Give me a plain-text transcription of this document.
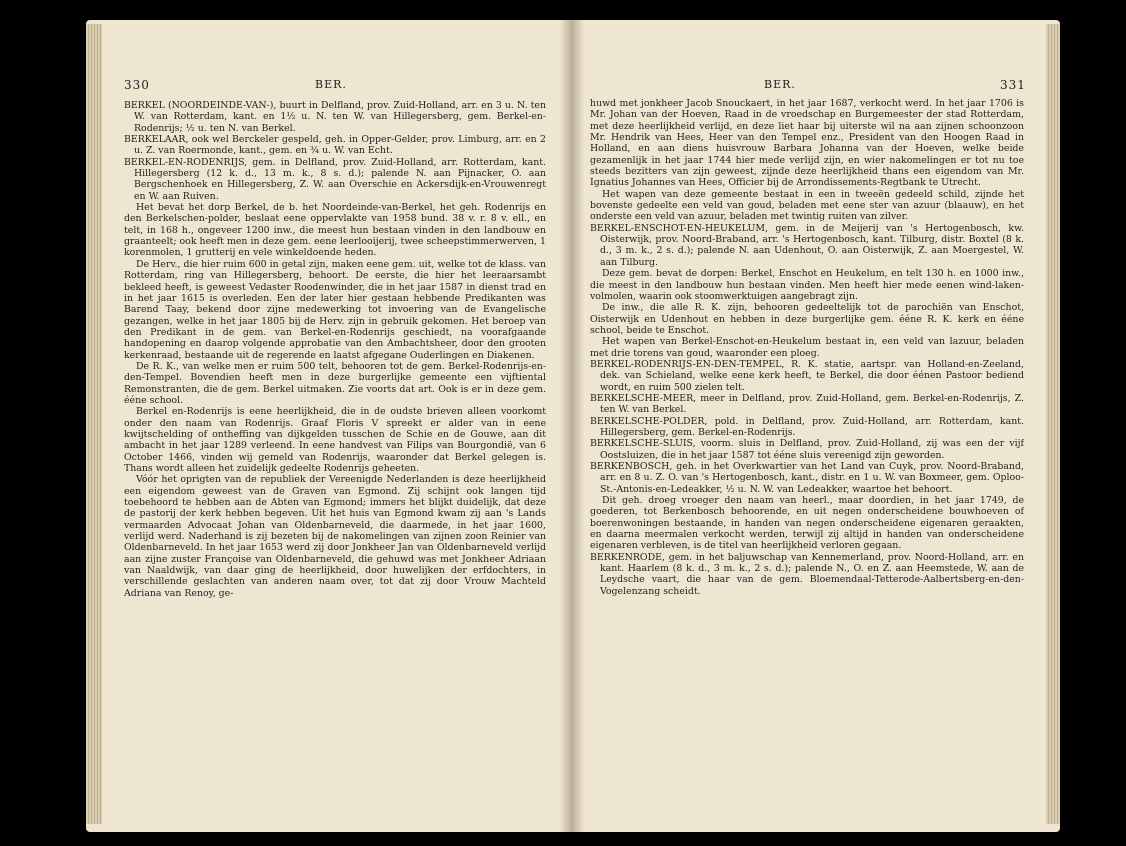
330	BER.	BER.	331

BERKEL (NOORDEINDE-VAN-), buurt in Delfland, prov. Zuid-Holland, arr. en 3 u. N. ten W. van Rotterdam, kant. en 1½ u. N. ten W. van Hillegersberg, gem. Berkel-en-Rodenrijs; ½ u. ten N. van Berkel.

BERKELAAR, ook wel Berckeler gespeld, geh. in Opper-Gelder, prov. Limburg, arr. en 2 u. Z. van Roermonde, kant., gem. en ¾ u. W. van Echt.

BERKEL-EN-RODENRIJS, gem. in Delfland, prov. Zuid-Holland, arr. Rotterdam, kant. Hillegersberg (12 k. d., 13 m. k., 8 s. d.); palende N. aan Pijnacker, O. aan Bergschenhoek en Hillegersberg, Z. W. aan Overschie en Ackersdijk-en-Vrouwenregt en W. aan Ruiven.

Het bevat het dorp Berkel, de b. het Noordeinde-van-Berkel, het geh. Rodenrijs en den Berkelschen-polder, beslaat eene oppervlakte van 1958 bund. 38 v. r. 8 v. ell., en telt, in 168 h., ongeveer 1200 inw., die meest hun bestaan vinden in den landbouw en graanteelt; ook heeft men in deze gem. eene leerlooijerij, twee scheepstimmerwerven, 1 korenmolen, 1 grutterij en vele winkeldoende heden.

De Herv., die hier ruim 600 in getal zijn, maken eene gem. uit, welke tot de klass. van Rotterdam, ring van Hillegersberg, behoort. De eerste, die hier het leeraarsambt bekleed heeft, is geweest Vedaster Roodenwinder, die in het jaar 1587 in dienst trad en in het jaar 1615 is overleden. Een der later hier gestaan hebbende Predikanten was Barend Taay, bekend door zijne medewerking tot invoering van de Evangelische gezangen, welke in het jaar 1805 bij de Herv. zijn in gebruik gekomen. Het beroep van den Predikant in de gem. van Berkel-en-Rodenrijs geschiedt, na voorafgaande handopening en daarop volgende approbatie van den Ambachtsheer, door den grooten kerkenraad, bestaande uit de regerende en laatst afgegane Ouderlingen en Diakenen.

De R. K., van welke men er ruim 500 telt, behooren tot de gem. Berkel-Rodenrijs-en-den-Tempel. Bovendien heeft men in deze burgerlijke gemeente een vijftiental Remonstranten, die de gem. Berkel uitmaken. Zie voorts dat art. Ook is er in deze gem. ééne school.

Berkel en-Rodenrijs is eene heerlijkheid, die in de oudste brieven alleen voorkomt onder den naam van Rodenrijs. Graaf Floris V spreekt er alder van in eene kwijtschelding of ontheffing van dijkgelden tusschen de Schie en de Gouwe, aan dit ambacht in het jaar 1289 verleend. In eene handvest van Filips van Bourgondië, van 6 October 1466, vinden wij gemeld van Rodenrijs, waaronder dat Berkel gelegen is. Thans wordt alleen het zuidelijk gedeelte Rodenrijs geheeten.

Vóór het oprigten van de republiek der Vereenigde Nederlanden is deze heerlijkheid een eigendom geweest van de Graven van Egmond. Zij schijnt ook langen tijd toebehoord te hebben aan de Abten van Egmond; immers het blijkt duidelijk, dat deze de pastorij der kerk hebben begeven. Uit het huis van Egmond kwam zij aan 's Lands vermaarden Advocaat Johan van Oldenbarneveld, die daarmede, in het jaar 1600, verlijd werd. Naderhand is zij bezeten bij de nakomelingen van zijnen zoon Reinier van Oldenbarneveld. In het jaar 1653 werd zij door Jonkheer Jan van Oldenbarneveld verlijd aan zijne zuster Françoise van Oldenbarneveld, die gehuwd was met Jonkheer Adriaan van Naaldwijk, van daar ging de heerlijkheid, door huwelijken der erfdochters, in verschillende geslachten van anderen naam over, tot dat zij door Vrouw Machteld Adriana van Renoy, ge-

huwd met jonkheer Jacob Snouckaert, in het jaar 1687, verkocht werd. In het jaar 1706 is Mr. Johan van der Hoeven, Raad in de vroedschap en Burgemeester der stad Rotterdam, met deze heerlijkheid verlijd, en deze liet haar bij uiterste wil na aan zijnen schoonzoon Mr. Hendrik van Hees, Heer van den Tempel enz., President van den Hoogen Raad in Holland, en aan diens huisvrouw Barbara Johanna van der Hoeven, welke beide gezamenlijk in het jaar 1744 hier mede verlijd zijn, en wier nakomelingen er tot nu toe steeds bezitters van zijn geweest, zijnde deze heerlijkheid thans een eigendom van Mr. Ignatius Johannes van Hees, Officier bij de Arrondissements-Regtbank te Utrecht.

Het wapen van deze gemeente bestaat in een in tweeën gedeeld schild, zijnde het bovenste gedeelte een veld van goud, beladen met eene ster van azuur (blaauw), en het onderste een veld van azuur, beladen met twintig ruiten van zilver.

BERKEL-ENSCHOT-EN-HEUKELUM, gem. in de Meijerij van 's Hertogenbosch, kw. Oisterwijk, prov. Noord-Braband, arr. 's Hertogenbosch, kant. Tilburg, distr. Boxtel (8 k. d., 3 m. k., 2 s. d.); palende N. aan Udenhout, O. aan Oisterwijk, Z. aan Moergestel, W. aan Tilburg.

Deze gem. bevat de dorpen: Berkel, Enschot en Heukelum, en telt 130 h. en 1000 inw., die meest in den landbouw hun bestaan vinden. Men heeft hier mede eenen wind-laken-volmolen, waarin ook stoomwerktuigen aangebragt zijn.

De inw., die alle R. K. zijn, behooren gedeeltelijk tot de parochiën van Enschot, Oisterwijk en Udenhout en hebben in deze burgerlijke gem. ééne R. K. kerk en ééne school, beide te Enschot.

Het wapen van Berkel-Enschot-en-Heukelum bestaat in, een veld van lazuur, beladen met drie torens van goud, waaronder een ploeg.

BERKEL-RODENRIJS-EN-DEN-TEMPEL, R. K. statie, aartspr. van Holland-en-Zeeland, dek. van Schieland, welke eene kerk heeft, te Berkel, die door éénen Pastoor bediend wordt, en ruim 500 zielen telt.

BERKELSCHE-MEER, meer in Delfland, prov. Zuid-Holland, gem. Berkel-en-Rodenrijs, Z. ten W. van Berkel.

BERKELSCHE-POLDER, pold. in Delfland, prov. Zuid-Holland, arr. Rotterdam, kant. Hillegersberg, gem. Berkel-en-Rodenrijs.

BERKELSCHE-SLUIS, voorm. sluis in Delfland, prov. Zuid-Holland, zij was een der vijf Oostsluizen, die in het jaar 1587 tot ééne sluis vereenigd zijn geworden.

BERKENBOSCH, geh. in het Overkwartier van het Land van Cuyk, prov. Noord-Braband, arr. en 8 u. Z. O. van 's Hertogenbosch, kant., distr. en 1 u. W. van Boxmeer, gem. Oploo-St.-Antonis-en-Ledeakker, ½ u. N. W. van Ledeakker, waartoe het behoort.

Dit geh. droeg vroeger den naam van heerl., maar doordien, in het jaar 1749, de goederen, tot Berkenbosch behoorende, en uit negen onderscheidene bouwhoeven of boerenwoningen bestaande, in handen van negen onderscheidene eigenaren geraakten, en daarna meermalen verkocht werden, terwijl zij altijd in handen van onderscheidene eigenaren verbleven, is de titel van heerlijkheid verloren gegaan.

BERKENRODE, gem. in het baljuwschap van Kennemerland, prov. Noord-Holland, arr. en kant. Haarlem (8 k. d., 3 m. k., 2 s. d.); palende N., O. en Z. aan Heemstede, W. aan de Leydsche vaart, die haar van de gem. Bloemendaal-Tetterode-Aalbertsberg-en-den-Vogelenzang scheidt.
